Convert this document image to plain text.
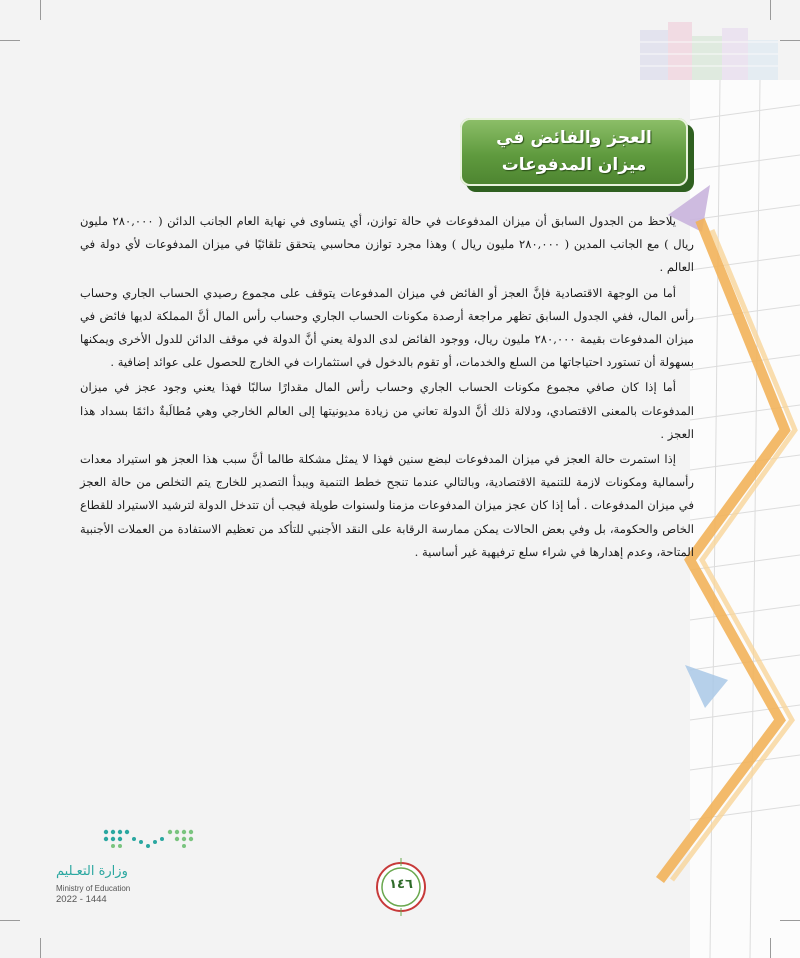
العجز والفائض في
ميزان المدفوعات

يلاحظ من الجدول السابق أن ميزان المدفوعات في حالة توازن، أي يتساوى في نهاية العام الجانب الدائن ( ٢٨٠,٠٠٠ مليون ريال ) مع الجانب المدين ( ٢٨٠,٠٠٠ مليون ريال ) وهذا مجرد توازن محاسبي يتحقق تلقائيًا في ميزان المدفوعات لأي دولة في العالم .

أما من الوجهة الاقتصادية فإنَّ العجز أو الفائض في ميزان المدفوعات يتوقف على مجموع رصيدي الحساب الجاري وحساب رأس المال، ففي الجدول السابق تظهر مراجعة أرصدة مكونات الحساب الجاري وحساب رأس المال أنَّ المملكة لديها فائض في ميزان المدفوعات بقيمة ٢٨٠,٠٠٠ مليون ريال، ووجود الفائض لدى الدولة يعني أنَّ الدولة في موقف الدائن للدول الأخرى ويمكنها بسهولة أن تستورد احتياجاتها من السلع والخدمات، أو تقوم بالدخول في استثمارات في الخارج للحصول على عوائد إضافية .

أما إذا كان صافي مجموع مكونات الحساب الجاري وحساب رأس المال مقدارًا سالبًا فهذا يعني وجود عجز في ميزان المدفوعات بالمعنى الاقتصادي، ودلالة ذلك أنَّ الدولة تعاني من زيادة مديونيتها إلى العالم الخارجي وهي مُطالَبةٌ دائمًا بسداد هذا العجز .

إذا استمرت حالة العجز في ميزان المدفوعات لبضع سنين فهذا لا يمثل مشكلة طالما أنَّ سبب هذا العجز هو استيراد معدات رأسمالية ومكونات لازمة للتنمية الاقتصادية، وبالتالي عندما تنجح خطط التنمية ويبدأ التصدير للخارج يتم التخلص من حالة العجز في ميزان المدفوعات . أما إذا كان عجز ميزان المدفوعات مزمنا ولسنوات طويلة فيجب أن تتدخل الدولة لترشيد الاستيراد للقطاع الخاص والحكومة، بل وفي بعض الحالات يمكن ممارسة الرقابة على النقد الأجنبي للتأكد من تعظيم الاستفادة من العملات الأجنبية المتاحة، وعدم إهدارها في شراء سلع ترفيهية غير أساسية .

وزارة التعـليم
Ministry of Education
2022 - 1444
١٤٦
